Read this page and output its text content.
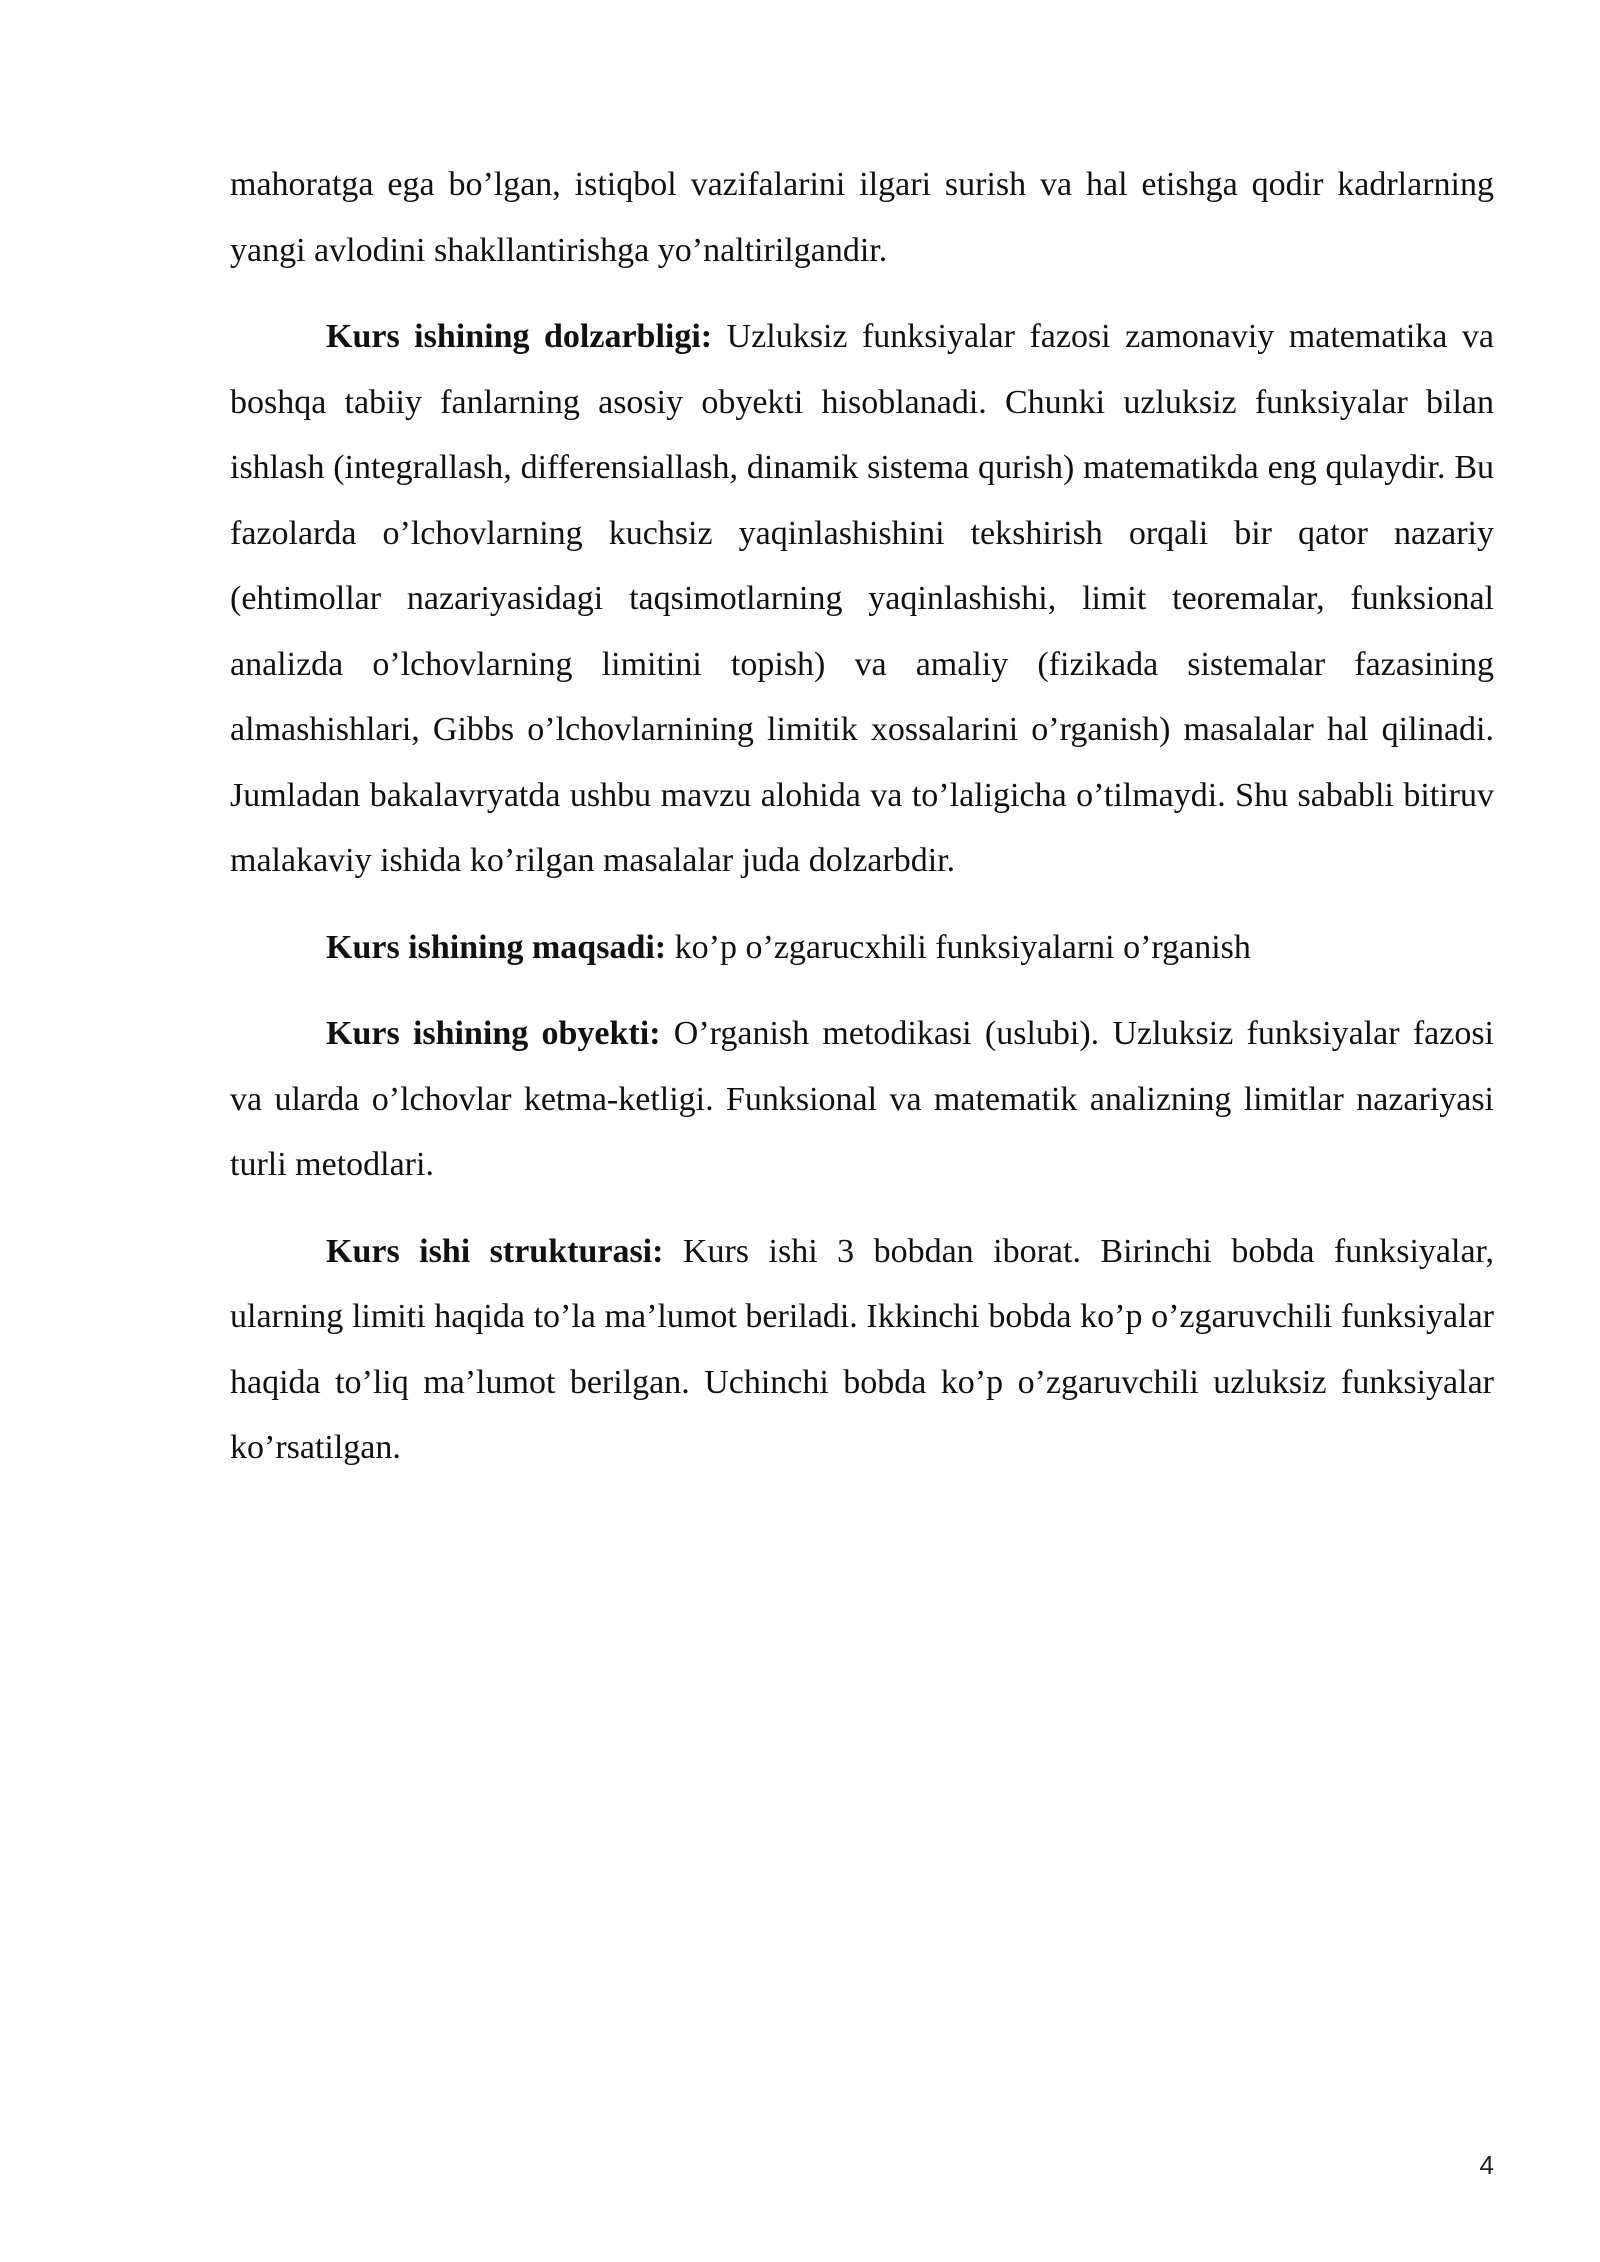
mahoratga ega bo’lgan, istiqbol vazifalarini ilgari surish va hal etishga qodir kadrlarning yangi avlodini shakllantirishga yo’naltirilgandir.

Kurs ishining dolzarbligi: Uzluksiz funksiyalar fazosi zamonaviy matematika va boshqa tabiiy fanlarning asosiy obyekti hisoblanadi. Chunki uzluksiz funksiyalar bilan ishlash (integrallash, differensiallash, dinamik sistema qurish) matematikda eng qulaydir. Bu fazolarda o’lchovlarning kuchsiz yaqinlashishini tekshirish orqali bir qator nazariy (ehtimollar nazariyasidagi taqsimotlarning yaqinlashishi, limit teoremalar, funksional analizda o’lchovlarning limitini topish) va amaliy (fizikada sistemalar fazasining almashishlari, Gibbs o’lchovlarnining limitik xossalarini o’rganish) masalalar hal qilinadi. Jumladan bakalavryatda ushbu mavzu alohida va to’laligicha o’tilmaydi. Shu sababli bitiruv malakaviy ishida ko’rilgan masalalar juda dolzarbdir.

Kurs ishining maqsadi: ko’p o’zgarucxhili funksiyalarni o’rganish

Kurs ishining obyekti: O’rganish metodikasi (uslubi). Uzluksiz funksiyalar fazosi va ularda o’lchovlar ketma-ketligi. Funksional va matematik analizning limitlar nazariyasi turli metodlari.

Kurs ishi strukturasi: Kurs ishi 3 bobdan iborat. Birinchi bobda funksiyalar, ularning limiti haqida to’la ma’lumot beriladi. Ikkinchi bobda ko’p o’zgaruvchili funksiyalar haqida to’liq ma’lumot berilgan. Uchinchi bobda ko’p o’zgaruvchili uzluksiz funksiyalar ko’rsatilgan.

4
